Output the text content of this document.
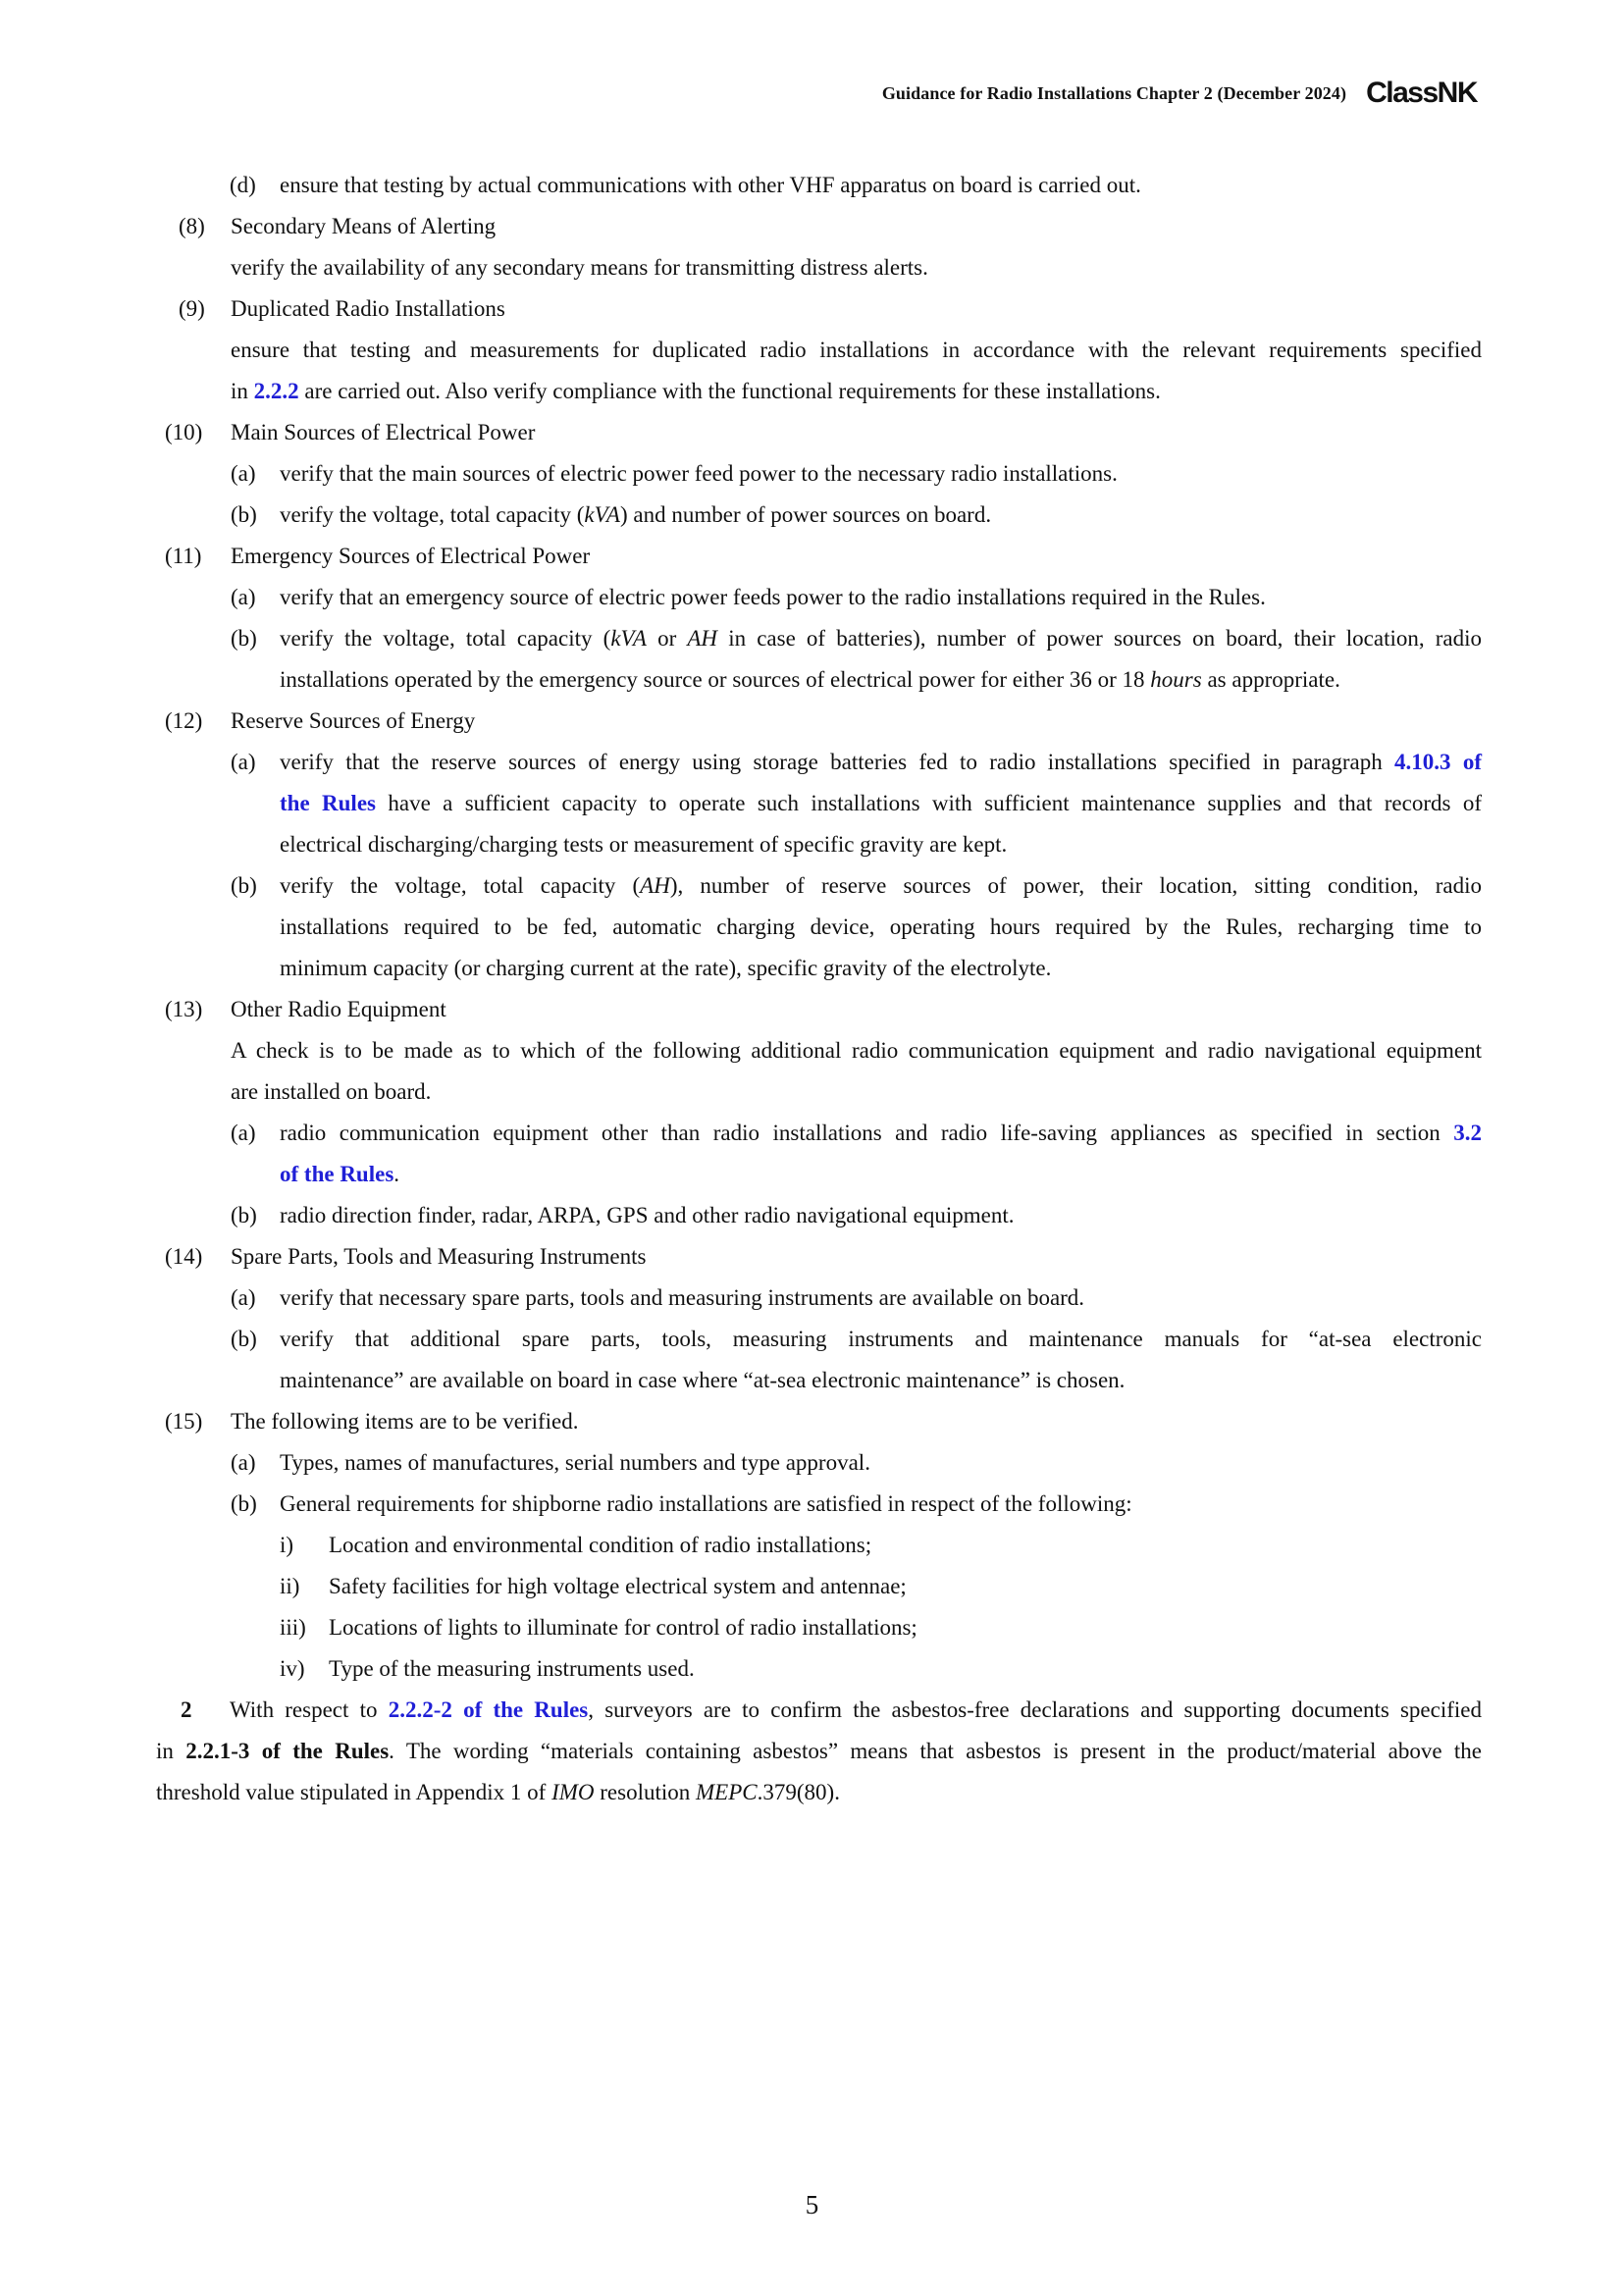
Guidance for Radio Installations Chapter 2 (December 2024) ClassNK
(d) ensure that testing by actual communications with other VHF apparatus on board is carried out.
(8) Secondary Means of Alerting
verify the availability of any secondary means for transmitting distress alerts.
(9) Duplicated Radio Installations
ensure that testing and measurements for duplicated radio installations in accordance with the relevant requirements specified
in 2.2.2 are carried out. Also verify compliance with the functional requirements for these installations.
(10) Main Sources of Electrical Power
(a) verify that the main sources of electric power feed power to the necessary radio installations.
(b) verify the voltage, total capacity (kVA) and number of power sources on board.
(11) Emergency Sources of Electrical Power
(a) verify that an emergency source of electric power feeds power to the radio installations required in the Rules.
(b) verify the voltage, total capacity (kVA or AH in case of batteries), number of power sources on board, their location, radio
installations operated by the emergency source or sources of electrical power for either 36 or 18 hours as appropriate.
(12) Reserve Sources of Energy
(a) verify that the reserve sources of energy using storage batteries fed to radio installations specified in paragraph 4.10.3 of
the Rules have a sufficient capacity to operate such installations with sufficient maintenance supplies and that records of
electrical discharging/charging tests or measurement of specific gravity are kept.
(b) verify the voltage, total capacity (AH), number of reserve sources of power, their location, sitting condition, radio
installations required to be fed, automatic charging device, operating hours required by the Rules, recharging time to
minimum capacity (or charging current at the rate), specific gravity of the electrolyte.
(13) Other Radio Equipment
A check is to be made as to which of the following additional radio communication equipment and radio navigational equipment
are installed on board.
(a) radio communication equipment other than radio installations and radio life-saving appliances as specified in section 3.2
of the Rules.
(b) radio direction finder, radar, ARPA, GPS and other radio navigational equipment.
(14) Spare Parts, Tools and Measuring Instruments
(a) verify that necessary spare parts, tools and measuring instruments are available on board.
(b) verify that additional spare parts, tools, measuring instruments and maintenance manuals for “at-sea electronic
maintenance” are available on board in case where “at-sea electronic maintenance” is chosen.
(15) The following items are to be verified.
(a) Types, names of manufactures, serial numbers and type approval.
(b) General requirements for shipborne radio installations are satisfied in respect of the following:
i) Location and environmental condition of radio installations;
ii) Safety facilities for high voltage electrical system and antennae;
iii) Locations of lights to illuminate for control of radio installations;
iv) Type of the measuring instruments used.
2 With respect to 2.2.2-2 of the Rules, surveyors are to confirm the asbestos-free declarations and supporting documents specified
in 2.2.1-3 of the Rules. The wording “materials containing asbestos” means that asbestos is present in the product/material above the
threshold value stipulated in Appendix 1 of IMO resolution MEPC.379(80).
5
